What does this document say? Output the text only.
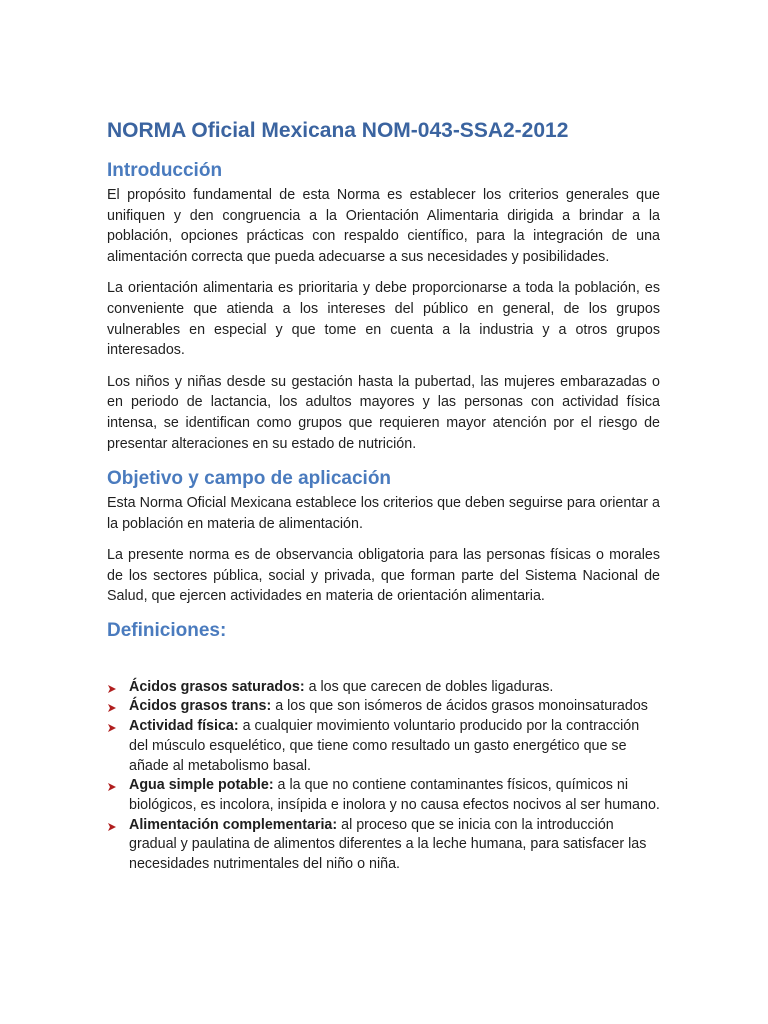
NORMA Oficial Mexicana NOM-043-SSA2-2012
Introducción

El propósito fundamental de esta Norma es establecer los criterios generales que unifiquen y den congruencia a la Orientación Alimentaria dirigida a brindar a la población, opciones prácticas con respaldo científico, para la integración de una alimentación correcta que pueda adecuarse a sus necesidades y posibilidades.

La orientación alimentaria es prioritaria y debe proporcionarse a toda la población, es conveniente que atienda a los intereses del público en general, de los grupos vulnerables en especial y que tome en cuenta a la industria y a otros grupos interesados.

Los niños y niñas desde su gestación hasta la pubertad, las mujeres embarazadas o en periodo de lactancia, los adultos mayores y las personas con actividad física intensa, se identifican como grupos que requieren mayor atención por el riesgo de presentar alteraciones en su estado de nutrición.

Objetivo y campo de aplicación

Esta Norma Oficial Mexicana establece los criterios que deben seguirse para orientar a la población en materia de alimentación.

La presente norma es de observancia obligatoria para las personas físicas o morales de los sectores pública, social y privada, que forman parte del Sistema Nacional de Salud, que ejercen actividades en materia de orientación alimentaria.

Definiciones:
Ácidos grasos saturados: a los que carecen de dobles ligaduras.
Ácidos grasos trans: a los que son isómeros de ácidos grasos monoinsaturados
Actividad física: a cualquier movimiento voluntario producido por la contracción del músculo esquelético, que tiene como resultado un gasto energético que se añade al metabolismo basal.
Agua simple potable: a la que no contiene contaminantes físicos, químicos ni biológicos, es incolora, insípida e inolora y no causa efectos nocivos al ser humano.
Alimentación complementaria: al proceso que se inicia con la introducción gradual y paulatina de alimentos diferentes a la leche humana, para satisfacer las necesidades nutrimentales del niño o niña.
